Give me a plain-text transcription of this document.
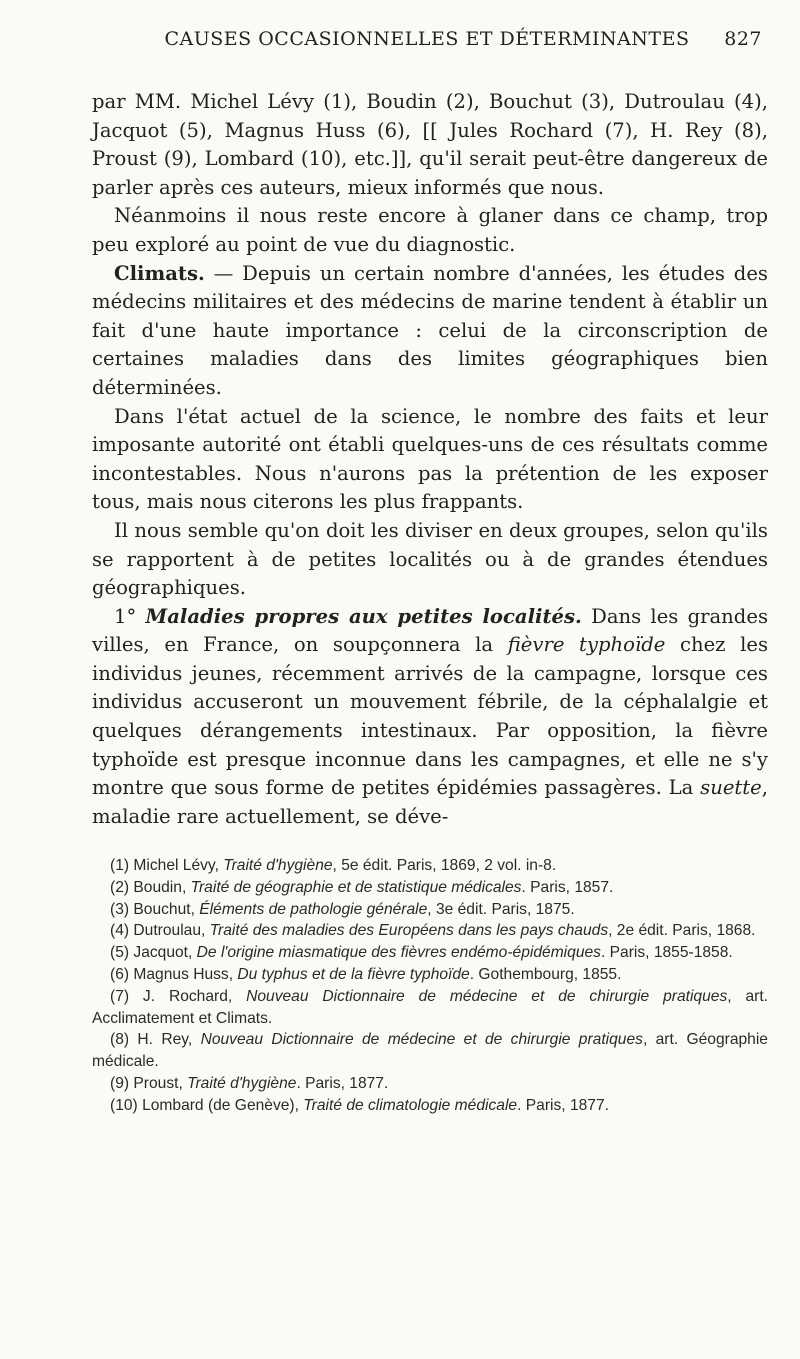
CAUSES OCCASIONNELLES ET DÉTERMINANTES	827

par MM. Michel Lévy (1), Boudin (2), Bouchut (3), Dutroulau (4), Jacquot (5), Magnus Huss (6), [[ Jules Rochard (7), H. Rey (8), Proust (9), Lombard (10), etc.]], qu'il serait peut-être dangereux de parler après ces auteurs, mieux informés que nous.

Néanmoins il nous reste encore à glaner dans ce champ, trop peu exploré au point de vue du diagnostic.

Climats. — Depuis un certain nombre d'années, les études des médecins militaires et des médecins de marine tendent à établir un fait d'une haute importance : celui de la circonscription de certaines maladies dans des limites géographiques bien déterminées.

Dans l'état actuel de la science, le nombre des faits et leur imposante autorité ont établi quelques-uns de ces résultats comme incontestables. Nous n'aurons pas la prétention de les exposer tous, mais nous citerons les plus frappants.

Il nous semble qu'on doit les diviser en deux groupes, selon qu'ils se rapportent à de petites localités ou à de grandes étendues géographiques.

1° Maladies propres aux petites localités. Dans les grandes villes, en France, on soupçonnera la fièvre typhoïde chez les individus jeunes, récemment arrivés de la campagne, lorsque ces individus accuseront un mouvement fébrile, de la céphalalgie et quelques dérangements intestinaux. Par opposition, la fièvre typhoïde est presque inconnue dans les campagnes, et elle ne s'y montre que sous forme de petites épidémies passagères. La suette, maladie rare actuellement, se déve-

(1) Michel Lévy, Traité d'hygiène, 5e édit. Paris, 1869, 2 vol. in-8.

(2) Boudin, Traité de géographie et de statistique médicales. Paris, 1857.

(3) Bouchut, Éléments de pathologie générale, 3e édit. Paris, 1875.

(4) Dutroulau, Traité des maladies des Européens dans les pays chauds, 2e édit. Paris, 1868.

(5) Jacquot, De l'origine miasmatique des fièvres endémo-épidémiques. Paris, 1855-1858.

(6) Magnus Huss, Du typhus et de la fièvre typhoïde. Gothembourg, 1855.

(7) J. Rochard, Nouveau Dictionnaire de médecine et de chirurgie pratiques, art. Acclimatement et Climats.

(8) H. Rey, Nouveau Dictionnaire de médecine et de chirurgie pratiques, art. Géographie médicale.

(9) Proust, Traité d'hygiène. Paris, 1877.

(10) Lombard (de Genève), Traité de climatologie médicale. Paris, 1877.
